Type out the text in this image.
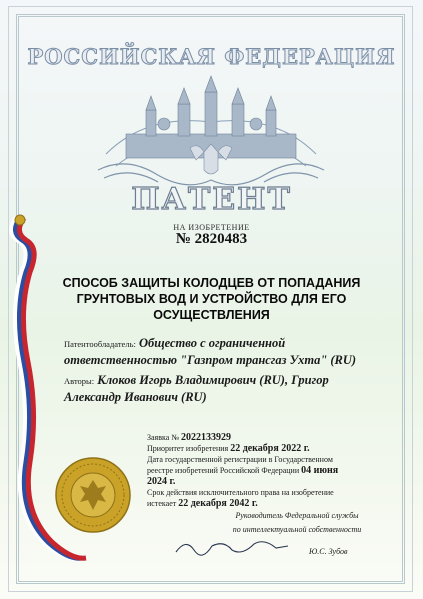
РОССИЙСКАЯ ФЕДЕРАЦИЯ
ПАТЕНТ
НА ИЗОБРЕТЕНИЕ
№ 2820483
СПОСОБ ЗАЩИТЫ КОЛОДЦЕВ ОТ ПОПАДАНИЯ ГРУНТОВЫХ ВОД И УСТРОЙСТВО ДЛЯ ЕГО ОСУЩЕСТВЛЕНИЯ
Патентообладатель: Общество с ограниченной ответственностью "Газпром трансгаз Ухта" (RU)
Авторы: Клоков Игорь Владимирович (RU), Григор Александр Иванович (RU)
Заявка № 2022133929
Приоритет изобретения 22 декабря 2022 г.
Дата государственной регистрации в Государственном реестре изобретений Российской Федерации 04 июня 2024 г.
Срок действия исключительного права на изобретение истекает 22 декабря 2042 г.
Руководитель Федеральной службы
по интеллектуальной собственности
Ю.С. Зубов
